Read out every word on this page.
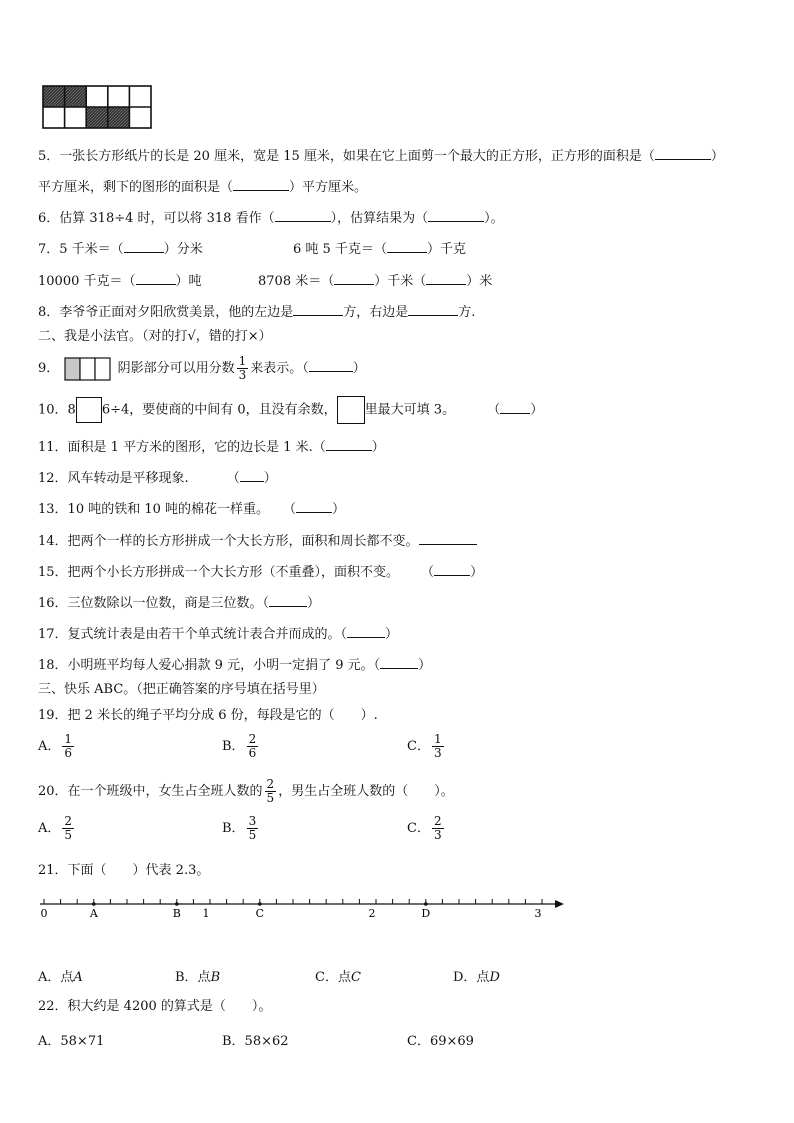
5．一张长方形纸片的长是 20 厘米，宽是 15 厘米，如果在它上面剪一个最大的正方形，正方形的面积是（	）
平方厘米，剩下的图形的面积是（	）平方厘米。
6．估算 318÷4 时，可以将 318 看作（	），估算结果为（	）。
7．5 千米＝（	）分米	6 吨 5 千克＝（	）千克
10000 千克＝（	）吨	8708 米＝（	）千米（	）米
8．李爷爷正面对夕阳欣赏美景，他的左边是	方，右边是	方.
二、我是小法官。（对的打√，错的打×）
9．	阴影部分可以用分数 $\frac{1}{3}$ 来表示。（	）
10．8 6÷4，要使商的中间有 0，且没有余数， 里最大可填 3。 （ ）
11．面积是 1 平方米的图形，它的边长是 1 米.（	）
12．风车转动是平移现象.	（ ）
13．10 吨的铁和 10 吨的棉花一样重。 （	）
14．把两个一样的长方形拼成一个大长方形，面积和周长都不变。
15．把两个小长方形拼成一个大长方形（不重叠），面积不变。 （	）
16．三位数除以一位数，商是三位数。（	）
17．复式统计表是由若干个单式统计表合并而成的。（	）
18．小明班平均每人爱心捐款 9 元，小明一定捐了 9 元。（	）
三、快乐 ABC。（把正确答案的序号填在括号里）
19．把 2 米长的绳子平均分成 6 份，每段是它的（　　）.
A． $\frac{1}{6}$	B． $\frac{2}{6}$	C． $\frac{1}{3}$
20．在一个班级中，女生占全班人数的 $\frac{2}{5}$ ，男生占全班人数的（　　）。
A． $\frac{2}{5}$	B． $\frac{3}{5}$	C． $\frac{2}{3}$
21．下面（　　）代表 2.3。
0	1	2	3
A	B	C	D
A．点A	B．点B	C．点C	D．点D
22．积大约是 4200 的算式是（　　）。
A．58×71	B．58×62	C．69×69
